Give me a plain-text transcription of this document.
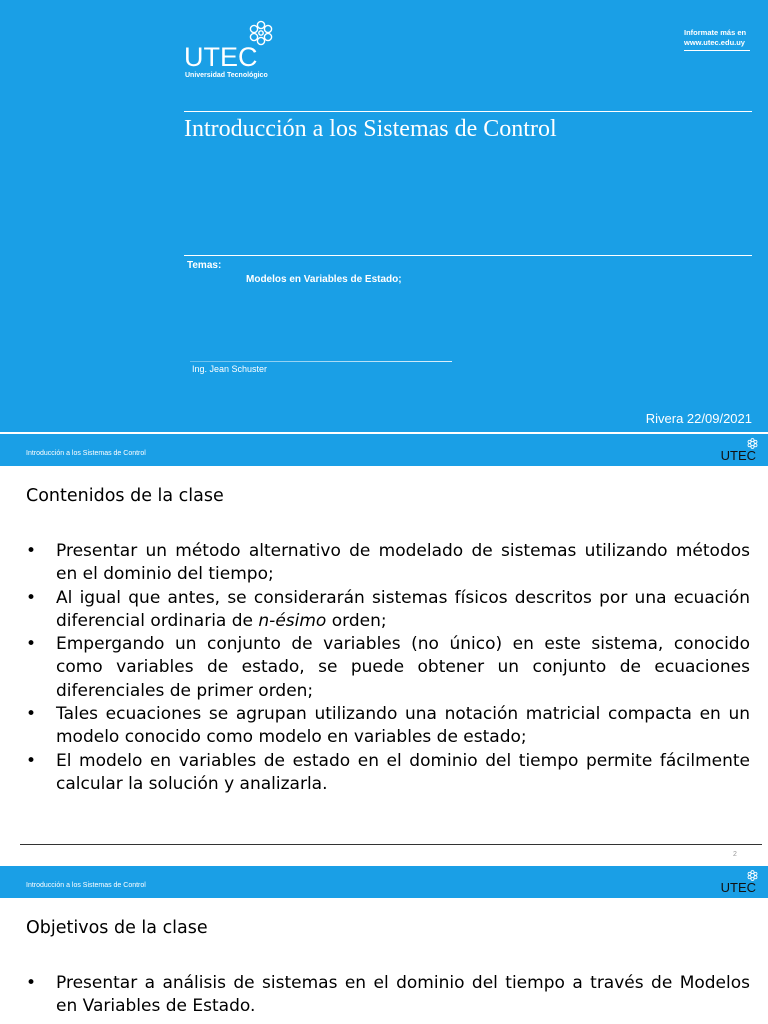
UTEC
Universidad Tecnológico
Informate más en
www.utec.edu.uy
Introducción a los Sistemas de Control
Temas:
Modelos en Variables de Estado;
Ing. Jean Schuster
Rivera 22/09/2021
Introducción a los Sistemas de Control	UTEC
Contenidos de la clase
• Presentar un método alternativo de modelado de sistemas utilizando métodos en el dominio del tiempo;
• Al igual que antes, se considerarán sistemas físicos descritos por una ecuación diferencial ordinaria de n-ésimo orden;
• Empergando un conjunto de variables (no único) en este sistema, conocido como variables de estado, se puede obtener un conjunto de ecuaciones diferenciales de primer orden;
• Tales ecuaciones se agrupan utilizando una notación matricial compacta en un modelo conocido como modelo en variables de estado;
• El modelo en variables de estado en el dominio del tiempo permite fácilmente calcular la solución y analizarla.
2
Introducción a los Sistemas de Control	UTEC
Objetivos de la clase
• Presentar a análisis de sistemas en el dominio del tiempo a través de Modelos en Variables de Estado.
